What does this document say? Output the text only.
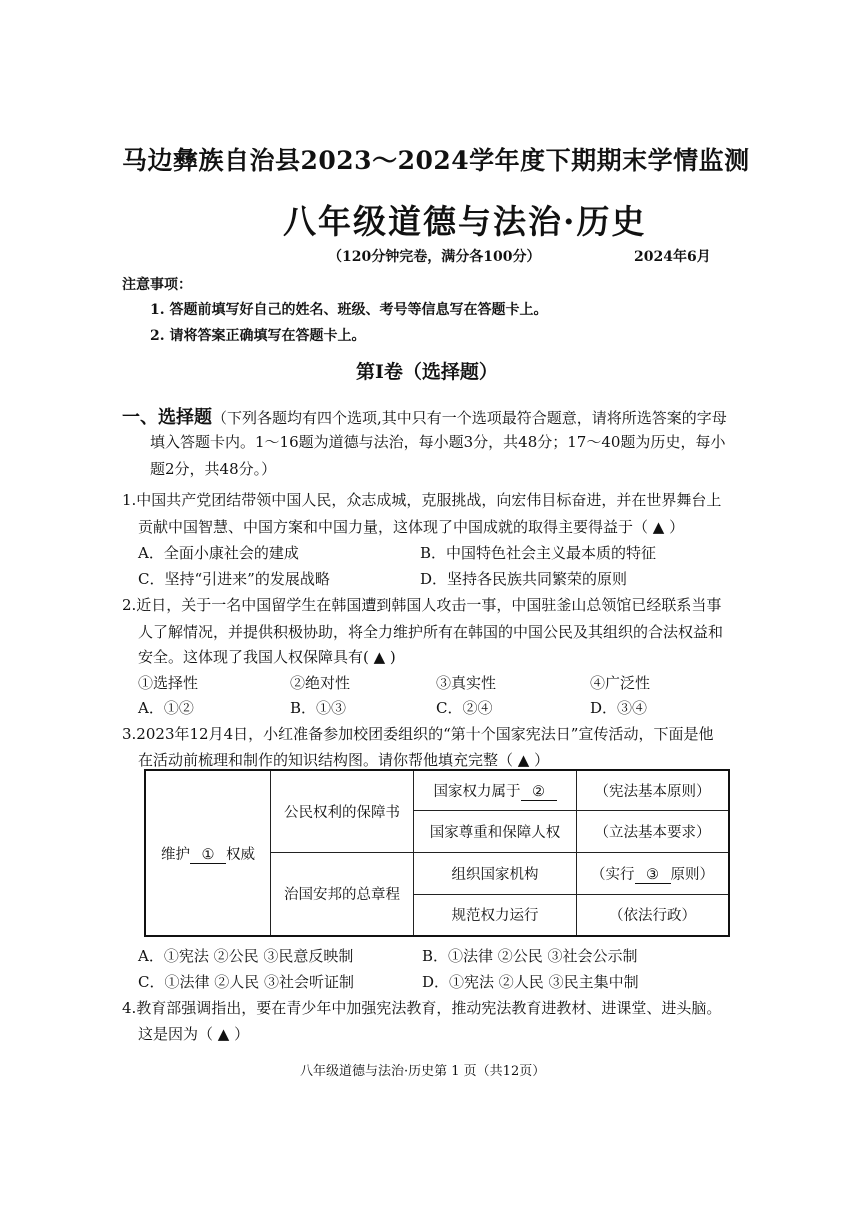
马边彝族自治县2023～2024学年度下期期末学情监测
八年级道德与法治·历史
（120分钟完卷，满分各100分）	2024年6月
注意事项：
1. 答题前填写好自己的姓名、班级、考号等信息写在答题卡上。
2. 请将答案正确填写在答题卡上。
第Ⅰ卷（选择题）
一、选择题（下列各题均有四个选项,其中只有一个选项最符合题意，请将所选答案的字母
填入答题卡内。1～16题为道德与法治，每小题3分，共48分；17～40题为历史，每小
题2分，共48分。）
1.中国共产党团结带领中国人民，众志成城，克服挑战，向宏伟目标奋进，并在世界舞台上
贡献中国智慧、中国方案和中国力量，这体现了中国成就的取得主要得益于（ ▲ ）
A．全面小康社会的建成	B．中国特色社会主义最本质的特征
C．坚持“引进来”的发展战略	D．坚持各民族共同繁荣的原则
2.近日，关于一名中国留学生在韩国遭到韩国人攻击一事，中国驻釜山总领馆已经联系当事
人了解情况，并提供积极协助，将全力维护所有在韩国的中国公民及其组织的合法权益和
安全。这体现了我国人权保障具有( ▲ )
①选择性	②绝对性	③真实性	④广泛性
A．①②	B．①③	C．②④	D．③④
3.2023年12月4日，小红准备参加校团委组织的“第十个国家宪法日”宣传活动，下面是他
在活动前梳理和制作的知识结构图。请你帮他填充完整（ ▲ ）
维护 ① 权威	公民权利的保障书	国家权力属于 ②	（宪法基本原则）
		国家尊重和保障人权	（立法基本要求）
	治国安邦的总章程	组织国家机构	（实行 ③ 原则）
		规范权力运行	（依法行政）
A．①宪法 ②公民 ③民意反映制	B．①法律 ②公民 ③社会公示制
C．①法律 ②人民 ③社会听证制	D．①宪法 ②人民 ③民主集中制
4.教育部强调指出，要在青少年中加强宪法教育，推动宪法教育进教材、进课堂、进头脑。
这是因为（ ▲ ）
八年级道德与法治·历史第 1 页（共12页）
